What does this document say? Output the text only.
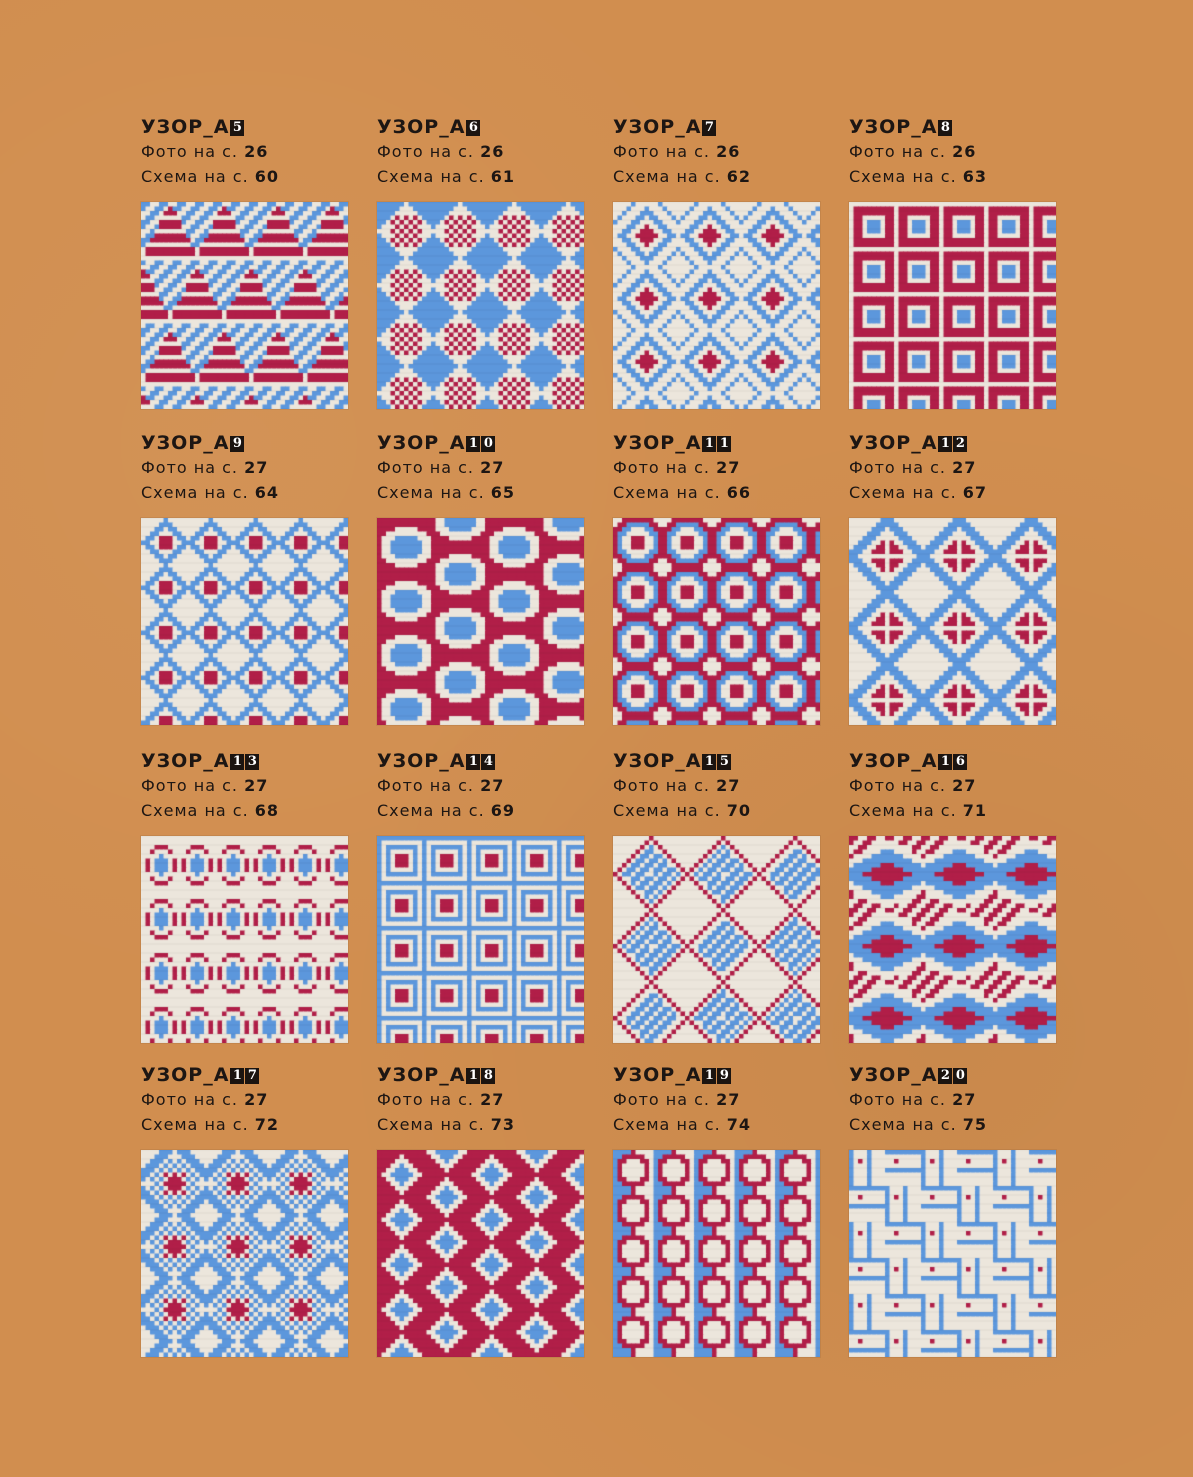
УЗОР_А 5
Фото на с. 26
Схема на с. 60
УЗОР_А 6
Фото на с. 26
Схема на с. 61
УЗОР_А 7
Фото на с. 26
Схема на с. 62
УЗОР_А 8
Фото на с. 26
Схема на с. 63
УЗОР_А 9
Фото на с. 27
Схема на с. 64
УЗОР_А 1 0
Фото на с. 27
Схема на с. 65
УЗОР_А 1 1
Фото на с. 27
Схема на с. 66
УЗОР_А 1 2
Фото на с. 27
Схема на с. 67
УЗОР_А 1 3
Фото на с. 27
Схема на с. 68
УЗОР_А 1 4
Фото на с. 27
Схема на с. 69
УЗОР_А 1 5
Фото на с. 27
Схема на с. 70
УЗОР_А 1 6
Фото на с. 27
Схема на с. 71
УЗОР_А 1 7
Фото на с. 27
Схема на с. 72
УЗОР_А 1 8
Фото на с. 27
Схема на с. 73
УЗОР_А 1 9
Фото на с. 27
Схема на с. 74
УЗОР_А 2 0
Фото на с. 27
Схема на с. 75
